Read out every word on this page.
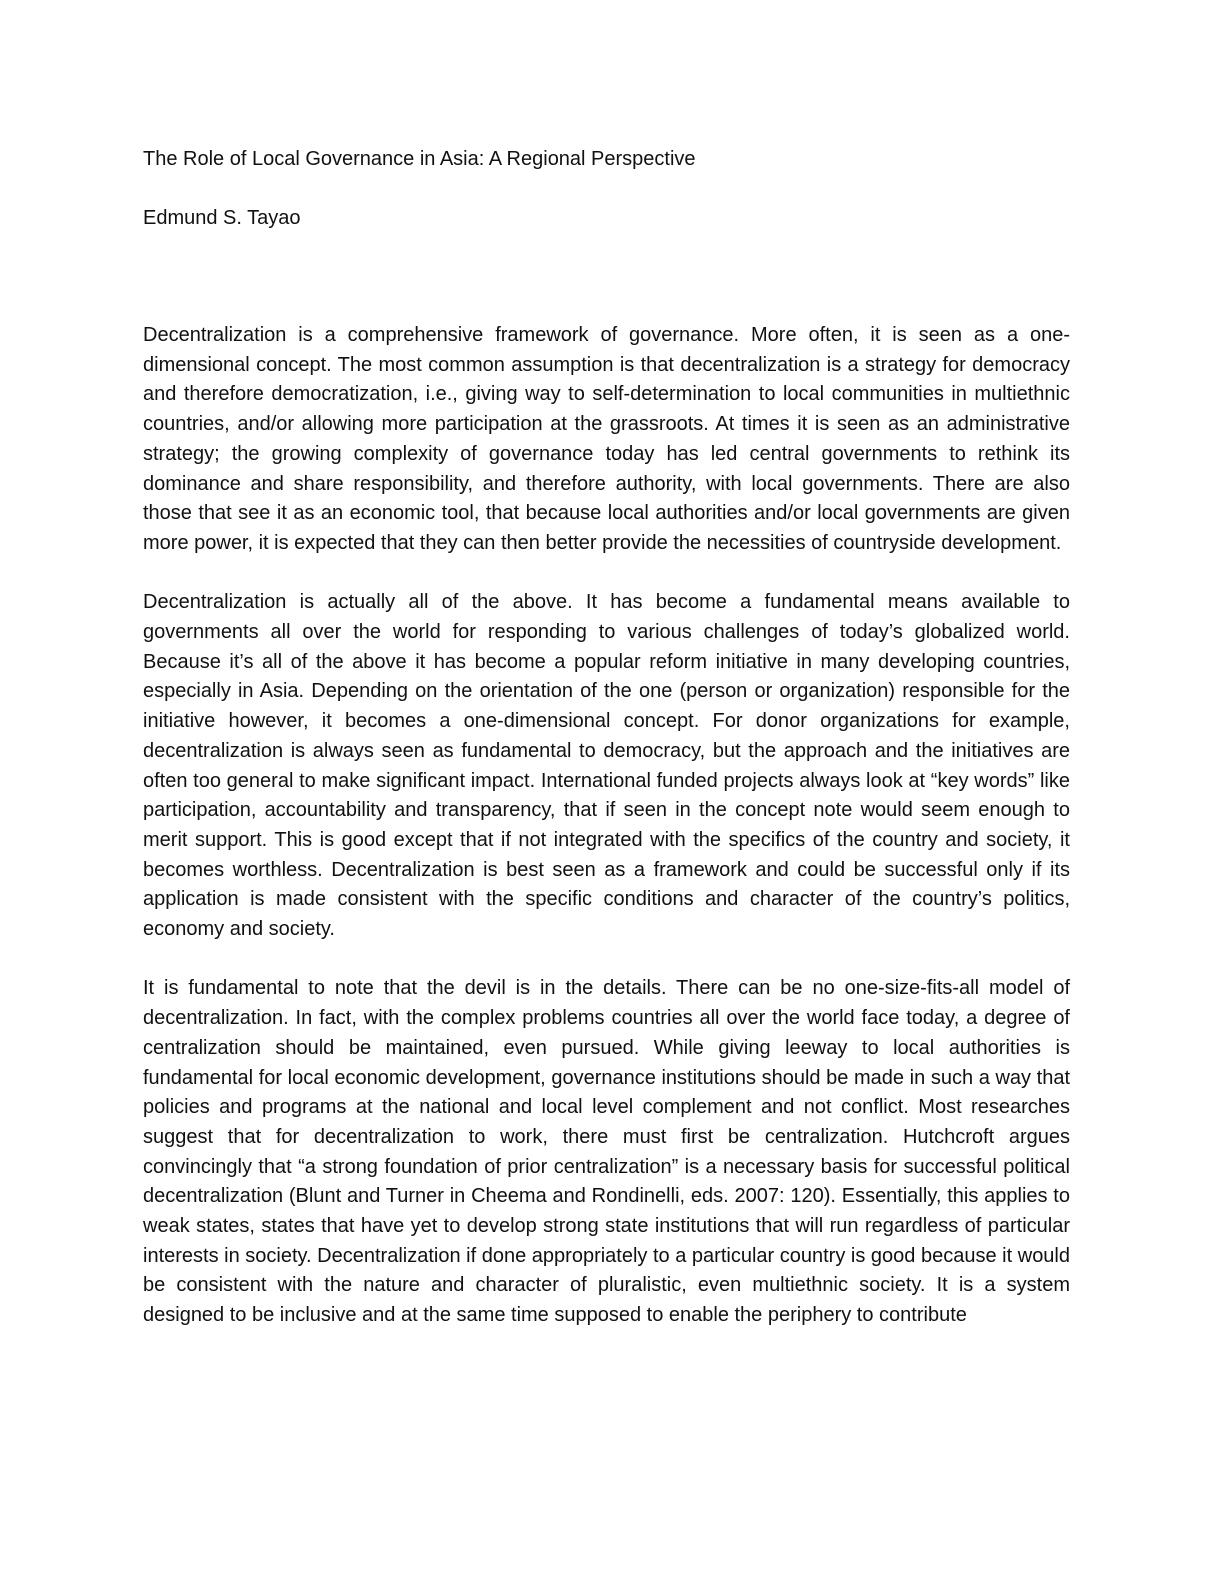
The Role of Local Governance in Asia: A Regional Perspective
Edmund S. Tayao

Decentralization is a comprehensive framework of governance. More often, it is seen as a one-dimensional concept. The most common assumption is that decentralization is a strategy for democracy and therefore democratization, i.e., giving way to self-determination to local communities in multiethnic countries, and/or allowing more participation at the grassroots. At times it is seen as an administrative strategy; the growing complexity of governance today has led central governments to rethink its dominance and share responsibility, and therefore authority, with local governments. There are also those that see it as an economic tool, that because local authorities and/or local governments are given more power, it is expected that they can then better provide the necessities of countryside development.

Decentralization is actually all of the above. It has become a fundamental means available to governments all over the world for responding to various challenges of today’s globalized world. Because it’s all of the above it has become a popular reform initiative in many developing countries, especially in Asia. Depending on the orientation of the one (person or organization) responsible for the initiative however, it becomes a one-dimensional concept. For donor organizations for example, decentralization is always seen as fundamental to democracy, but the approach and the initiatives are often too general to make significant impact. International funded projects always look at “key words” like participation, accountability and transparency, that if seen in the concept note would seem enough to merit support. This is good except that if not integrated with the specifics of the country and society, it becomes worthless. Decentralization is best seen as a framework and could be successful only if its application is made consistent with the specific conditions and character of the country’s politics, economy and society.

It is fundamental to note that the devil is in the details. There can be no one-size-fits-all model of decentralization. In fact, with the complex problems countries all over the world face today, a degree of centralization should be maintained, even pursued. While giving leeway to local authorities is fundamental for local economic development, governance institutions should be made in such a way that policies and programs at the national and local level complement and not conflict. Most researches suggest that for decentralization to work, there must first be centralization. Hutchcroft argues convincingly that “a strong foundation of prior centralization” is a necessary basis for successful political decentralization (Blunt and Turner in Cheema and Rondinelli, eds. 2007: 120). Essentially, this applies to weak states, states that have yet to develop strong state institutions that will run regardless of particular interests in society. Decentralization if done appropriately to a particular country is good because it would be consistent with the nature and character of pluralistic, even multiethnic society. It is a system designed to be inclusive and at the same time supposed to enable the periphery to contribute
